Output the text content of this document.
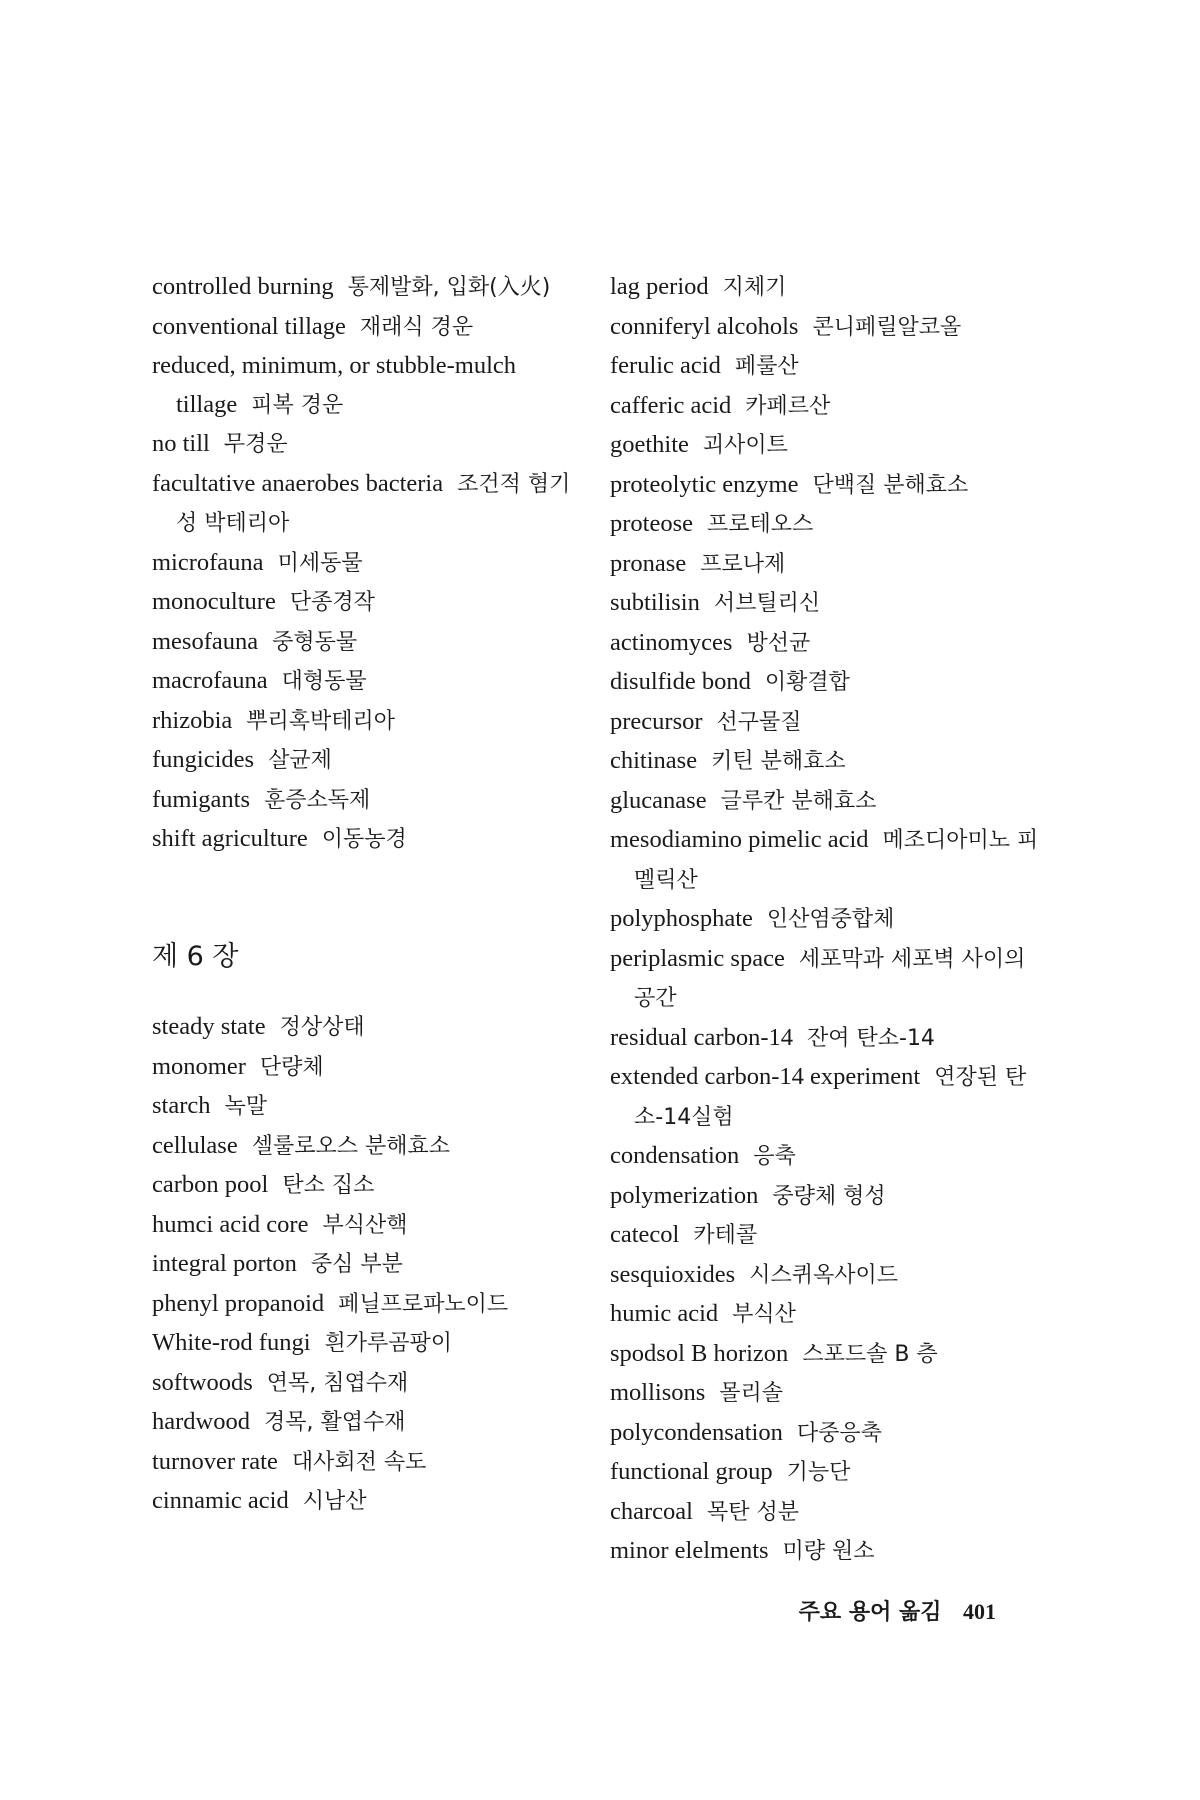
controlled burning 통제발화, 입화(入火)
conventional tillage 재래식 경운
reduced, minimum, or stubble-mulch tillage 피복 경운
no till 무경운
facultative anaerobes bacteria 조건적 혐기성 박테리아
microfauna 미세동물
monoculture 단종경작
mesofauna 중형동물
macrofauna 대형동물
rhizobia 뿌리혹박테리아
fungicides 살균제
fumigants 훈증소독제
shift agriculture 이동농경
제 6 장
steady state 정상상태
monomer 단량체
starch 녹말
cellulase 셀룰로오스 분해효소
carbon pool 탄소 집소
humci acid core 부식산핵
integral porton 중심 부분
phenyl propanoid 페닐프로파노이드
White-rod fungi 흰가루곰팡이
softwoods 연목, 침엽수재
hardwood 경목, 활엽수재
turnover rate 대사회전 속도
cinnamic acid 시남산
lag period 지체기
conniferyl alcohols 콘니페릴알코올
ferulic acid 페룰산
cafferic acid 카페르산
goethite 괴사이트
proteolytic enzyme 단백질 분해효소
proteose 프로테오스
pronase 프로나제
subtilisin 서브틸리신
actinomyces 방선균
disulfide bond 이황결합
precursor 선구물질
chitinase 키틴 분해효소
glucanase 글루칸 분해효소
mesodiamino pimelic acid 메조디아미노 피멜릭산
polyphosphate 인산염중합체
periplasmic space 세포막과 세포벽 사이의 공간
residual carbon-14 잔여 탄소-14
extended carbon-14 experiment 연장된 탄소-14실험
condensation 응축
polymerization 중량체 형성
catecol 카테콜
sesquioxides 시스퀴옥사이드
humic acid 부식산
spodsol B horizon 스포드솔 B 층
mollisons 몰리솔
polycondensation 다중응축
functional group 기능단
charcoal 목탄 성분
minor elelments 미량 원소
주요 용어 옮김 401
